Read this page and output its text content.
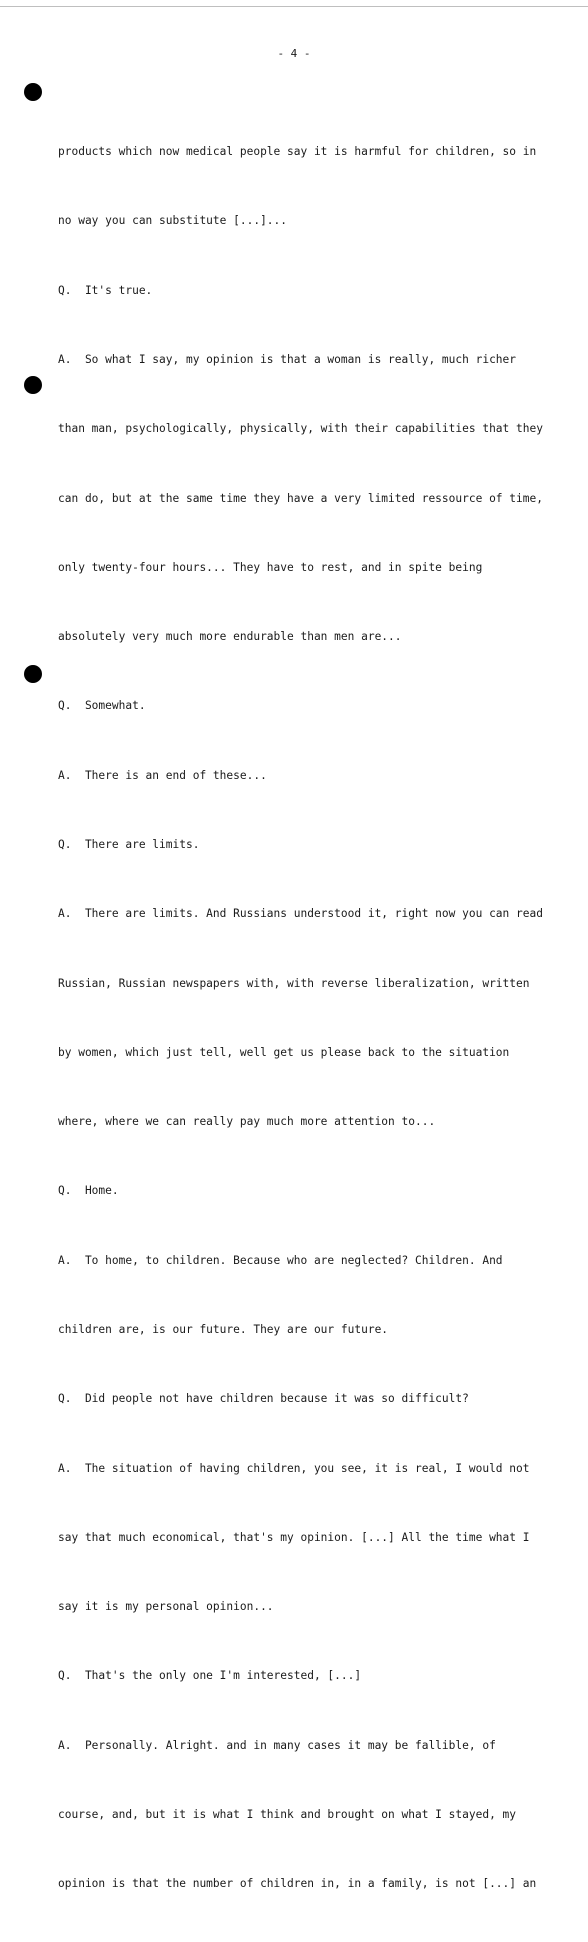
- 4 -

products which now medical people say it is harmful for children, so in

no way you can substitute [...]...

Q.  It's true.

A.  So what I say, my opinion is that a woman is really, much richer

than man, psychologically, physically, with their capabilities that they

can do, but at the same time they have a very limited ressource of time,

only twenty-four hours... They have to rest, and in spite being

absolutely very much more endurable than men are...

Q.  Somewhat.

A.  There is an end of these...

Q.  There are limits.

A.  There are limits. And Russians understood it, right now you can read

Russian, Russian newspapers with, with reverse liberalization, written

by women, which just tell, well get us please back to the situation

where, where we can really pay much more attention to...

Q.  Home.

A.  To home, to children. Because who are neglected? Children. And

children are, is our future. They are our future.

Q.  Did people not have children because it was so difficult?

A.  The situation of having children, you see, it is real, I would not

say that much economical, that's my opinion. [...] All the time what I

say it is my personal opinion...

Q.  That's the only one I'm interested, [...]

A.  Personally. Alright. and in many cases it may be fallible, of

course, and, but it is what I think and brought on what I stayed, my

opinion is that the number of children in, in a family, is not [...] an
